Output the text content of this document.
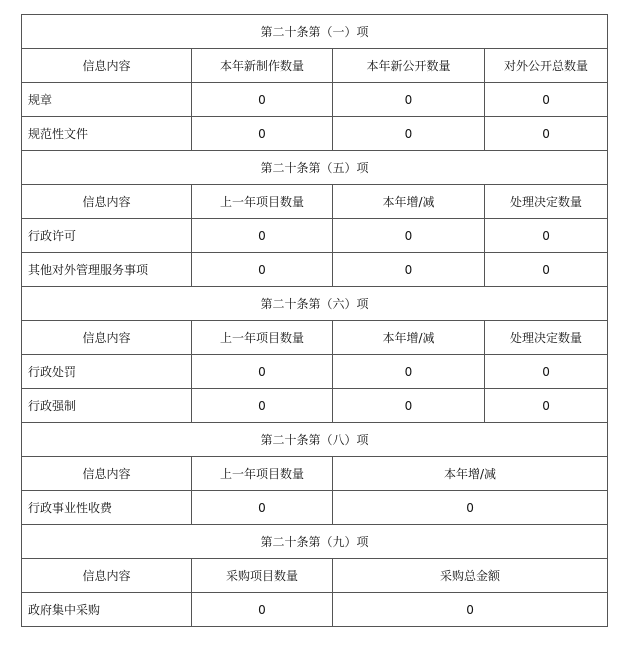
第二十条第（一）项			
信息内容	本年新制作数量	本年新公开数量	对外公开总数量
规章	0	0	0
规范性文件	0	0	0
第二十条第（五）项			
信息内容	上一年项目数量	本年增/减	处理决定数量
行政许可	0	0	0
其他对外管理服务事项	0	0	0
第二十条第（六）项			
信息内容	上一年项目数量	本年增/减	处理决定数量
行政处罚	0	0	0
行政强制	0	0	0
第二十条第（八）项			
信息内容	上一年项目数量	本年增/减	
行政事业性收费	0	0	
第二十条第（九）项			
信息内容	采购项目数量	采购总金额	
政府集中采购	0	0	
